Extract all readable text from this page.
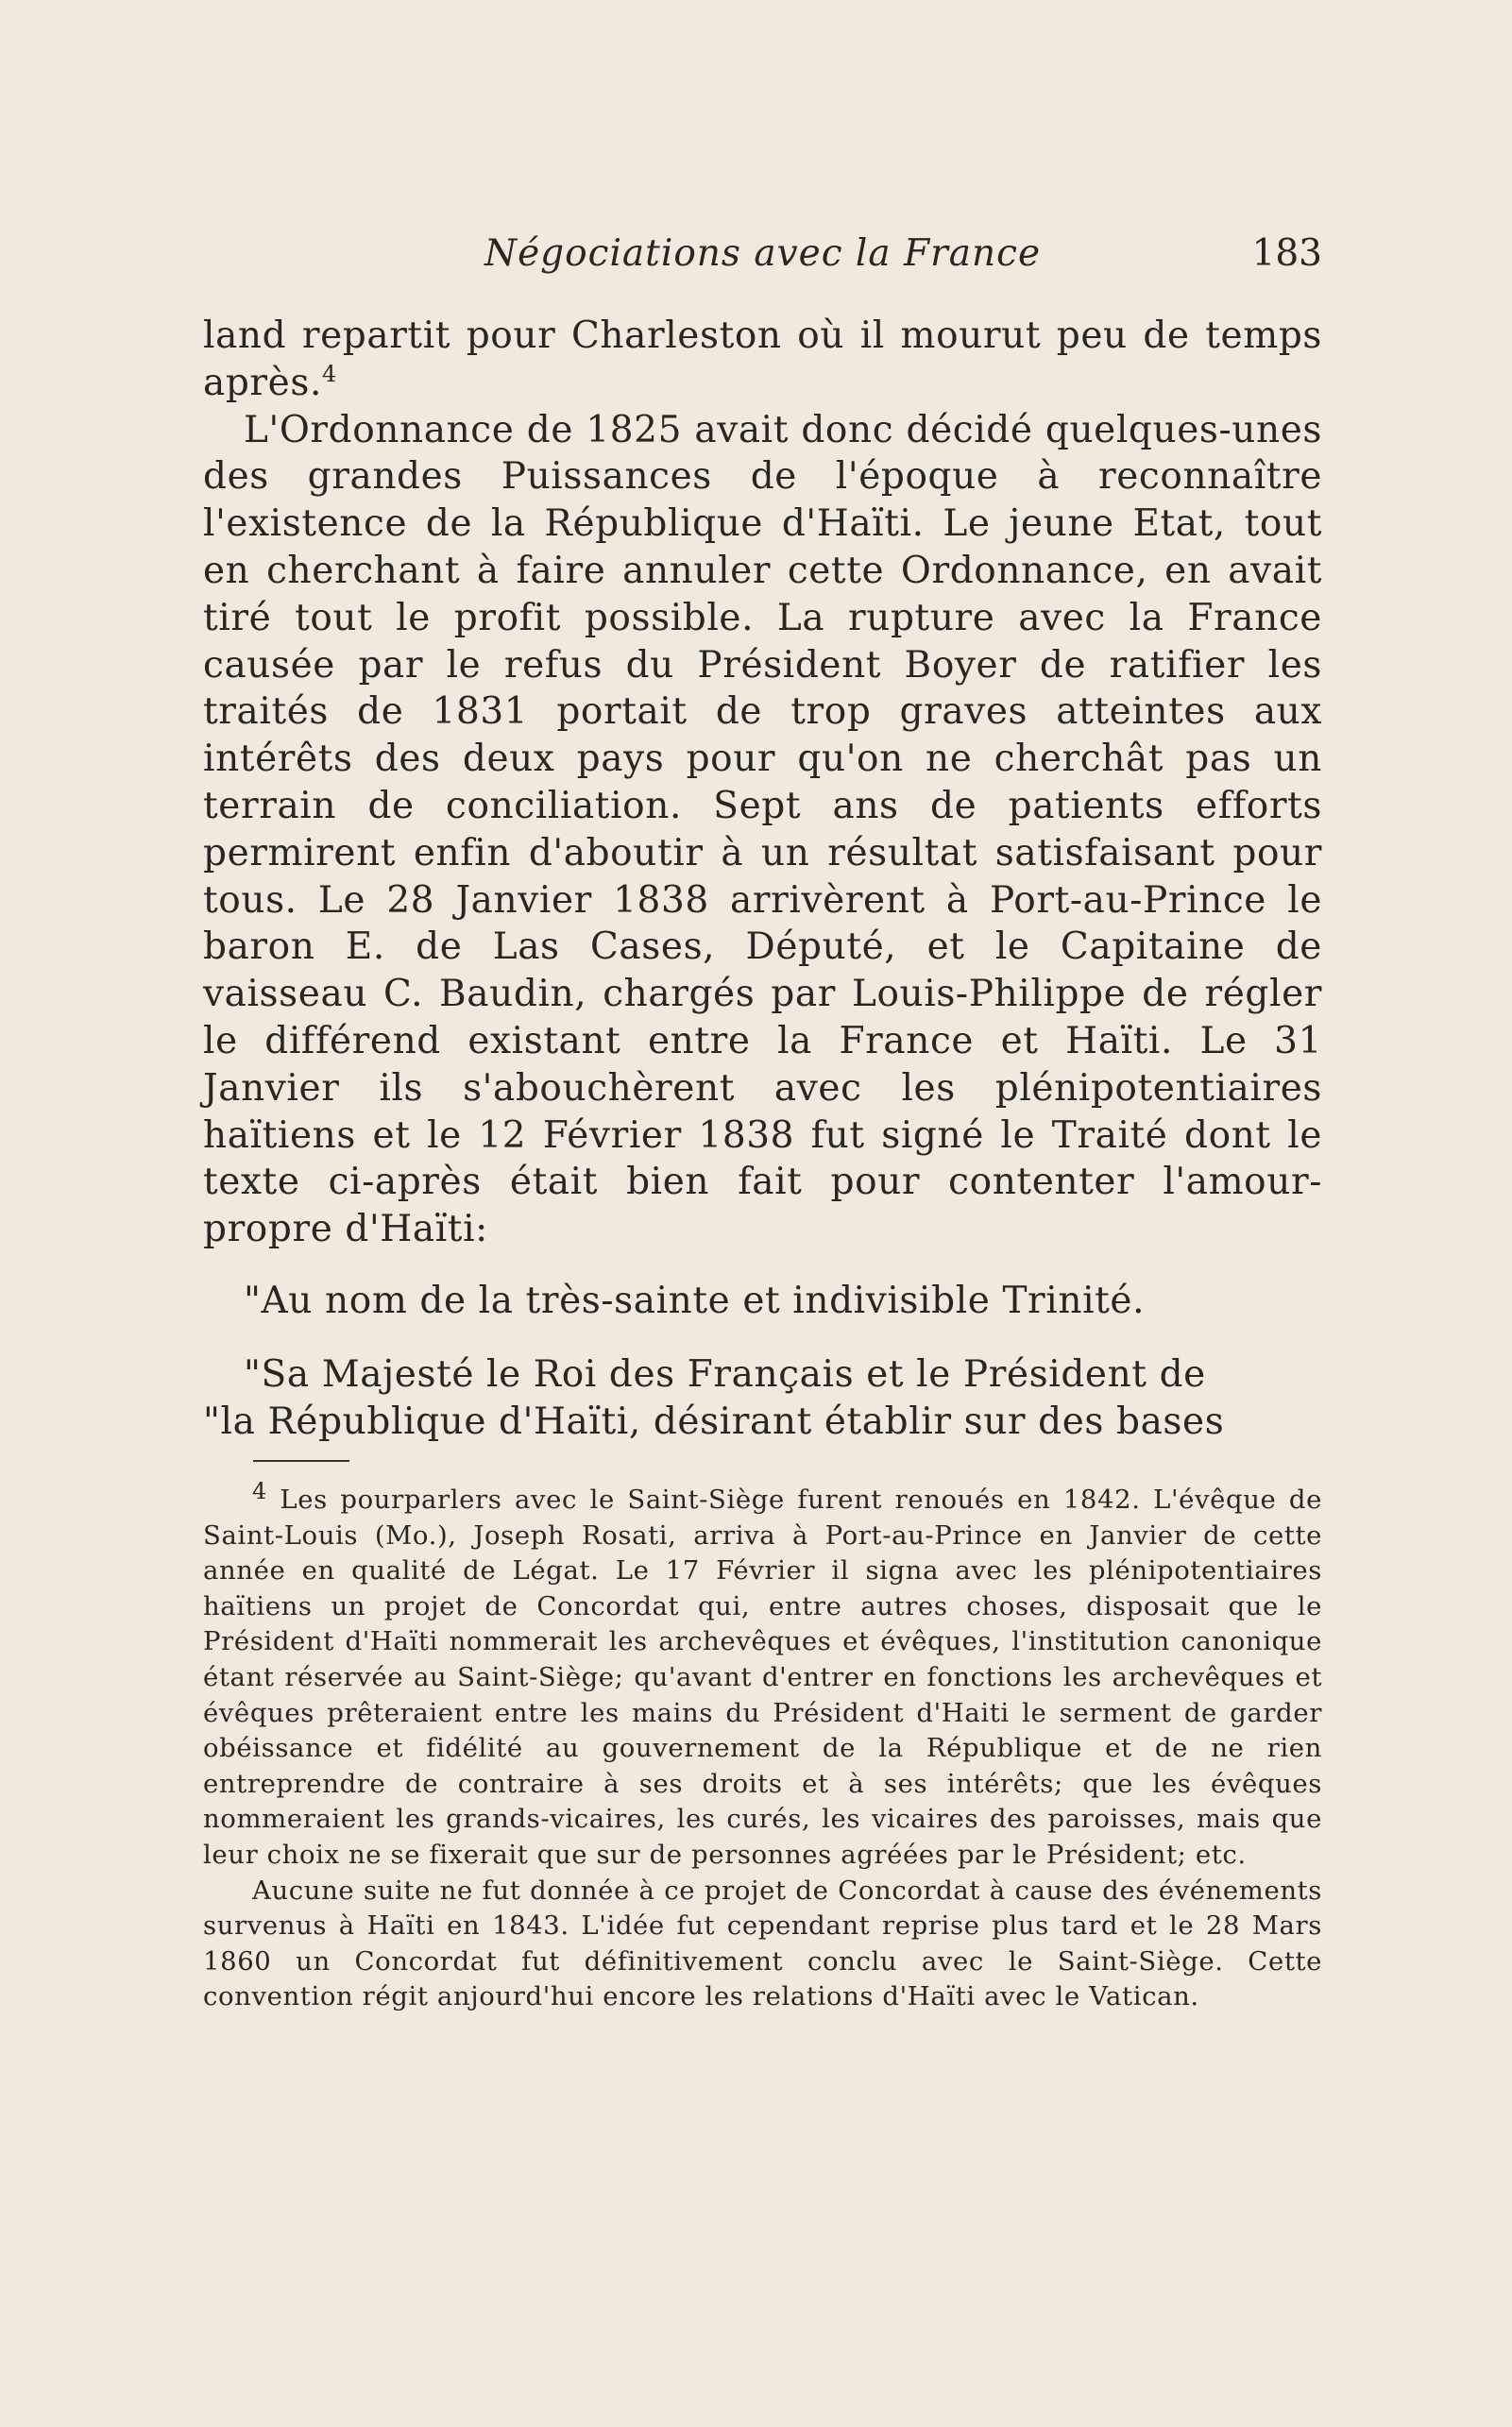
Négociations avec la France	183

land repartit pour Charleston où il mourut peu de temps après.$^4$

L'Ordonnance de 1825 avait donc décidé quelques-unes des grandes Puissances de l'époque à reconnaître l'existence de la République d'Haïti. Le jeune Etat, tout en cherchant à faire annuler cette Ordonnance, en avait tiré tout le profit possible. La rupture avec la France causée par le refus du Président Boyer de ratifier les traités de 1831 portait de trop graves atteintes aux intérêts des deux pays pour qu'on ne cherchât pas un terrain de conciliation. Sept ans de patients efforts permirent enfin d'aboutir à un résultat satisfaisant pour tous. Le 28 Janvier 1838 arrivèrent à Port-au-Prince le baron E. de Las Cases, Député, et le Capitaine de vaisseau C. Baudin, chargés par Louis-Philippe de régler le différend existant entre la France et Haïti. Le 31 Janvier ils s'abouchèrent avec les plénipotentiaires haïtiens et le 12 Février 1838 fut signé le Traité dont le texte ci-après était bien fait pour contenter l'amour-propre d'Haïti:

"Au nom de la très-sainte et indivisible Trinité.

"Sa Majesté le Roi des Français et le Président de

"la République d'Haïti, désirant établir sur des bases

4 Les pourparlers avec le Saint-Siège furent renoués en 1842. L'évêque de Saint-Louis (Mo.), Joseph Rosati, arriva à Port-au-Prince en Janvier de cette année en qualité de Légat. Le 17 Février il signa avec les plénipotentiaires haïtiens un projet de Concordat qui, entre autres choses, disposait que le Président d'Haïti nommerait les archevêques et évêques, l'institution canonique étant réservée au Saint-Siège; qu'avant d'entrer en fonctions les archevêques et évêques prêteraient entre les mains du Président d'Haiti le serment de garder obéissance et fidélité au gouvernement de la République et de ne rien entreprendre de contraire à ses droits et à ses intérêts; que les évêques nommeraient les grands-vicaires, les curés, les vicaires des paroisses, mais que leur choix ne se fixerait que sur de personnes agréées par le Président; etc.

Aucune suite ne fut donnée à ce projet de Concordat à cause des événements survenus à Haïti en 1843. L'idée fut cependant reprise plus tard et le 28 Mars 1860 un Concordat fut définitivement conclu avec le Saint-Siège. Cette convention régit anjourd'hui encore les relations d'Haïti avec le Vatican.
